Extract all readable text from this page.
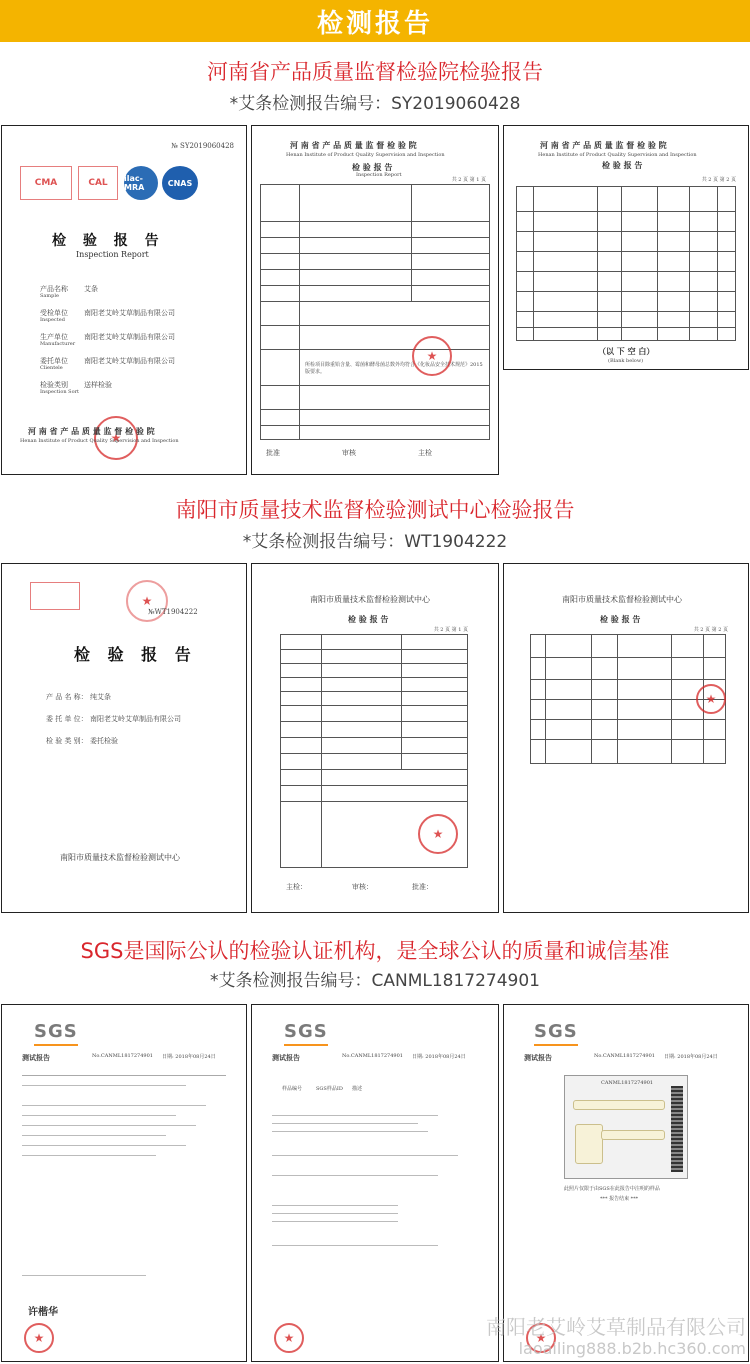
检测报告
河南省产品质量监督检验院检验报告
*艾条检测报告编号：SY2019060428
№ SY2019060428
CMA	CAL	ilac-MRA	CNAS
检 验 报 告
Inspection Report
产品名称
Sample
艾条
受检单位
Inspected
南阳老艾岭艾草制品有限公司
生产单位
Manufacturer
南阳老艾岭艾草制品有限公司
委托单位
Clientele
南阳老艾岭艾草制品有限公司
检验类别
Inspection Sort
送样检验
★
河 南 省 产 品 质 量 监 督 检 验 院
Henan Institute of Product Quality Supervision and Inspection
河 南 省 产 品 质 量 监 督 检 验 院
Henan Institute of Product Quality Supervision and Inspection
检 验 报 告
Inspection Report
共 2 页 第 1 页
所检项目除重铅含量、霉菌和酵母菌总数外均符合《化妆品安全技术规范》2015 版要求。
★
批准	审核	主检
河 南 省 产 品 质 量 监 督 检 验 院
Henan Institute of Product Quality Supervision and Inspection
检 验 报 告
共 2 页 第 2 页
（以 下 空 白）
(Blank below)
南阳市质量技术监督检验测试中心检验报告
*艾条检测报告编号：WT1904222
★
№WT1904222
检 验 报 告
产 品 名 称： 纯艾条
委 托 单 位： 南阳老艾岭艾草制品有限公司
检 验 类 别： 委托检验
南阳市质量技术监督检验测试中心
南阳市质量技术监督检验测试中心
检 验 报 告
共 2 页 第 1 页
★
主检：	审核：	批准：
南阳市质量技术监督检验测试中心
检 验 报 告
共 2 页 第 2 页
★
SGS是国际公认的检验认证机构，是全球公认的质量和诚信基准
*艾条检测报告编号：CANML1817274901
SGS
测试报告	No.CANML1817274901 日期: 2018年08月24日
许楷华
★
SGS
测试报告	No.CANML1817274901 日期: 2018年08月24日
样品编号	SGS样品ID 描述
★
SGS
测试报告	No.CANML1817274901 日期: 2018年08月24日
CANML1817274901
此照片仅限于由SGS在此报告中注明的样品
*** 报告结束 ***
★
南阳老艾岭艾草制品有限公司
laoailing888.b2b.hc360.com
